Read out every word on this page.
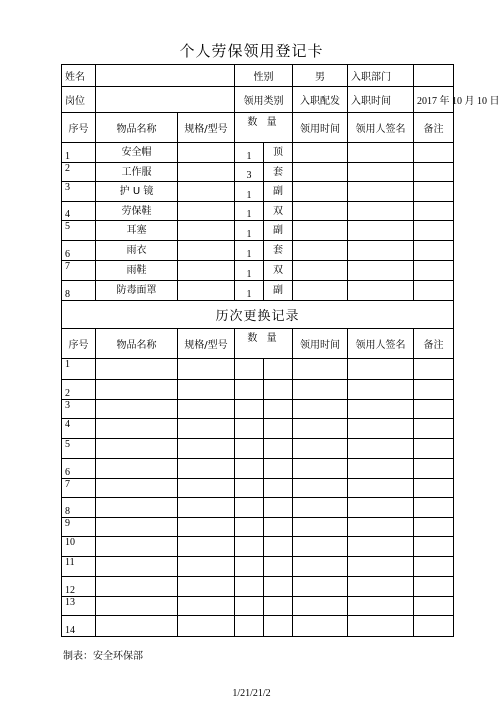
个人劳保领用登记卡
姓名			性别		男	入职部门	
岗位			领用类别		入职配发	入职时间	2017 年 10 月 10 日
序号	物品名称	规格/型号	数 量		领用时间	领用人签名	备注
1	安全帽		1	顶			
2	工作服		3	套			
3	护 U 镜		1	副			
4	劳保鞋		1	双			
5	耳塞		1	副			
6	雨衣		1	套			
7	雨鞋		1	双			
8	防毒面罩		1	副			
历次更换记录							
序号	物品名称	规格/型号	数 量		领用时间	领用人签名	备注
1							
2							
3							
4							
5							
6							
7							
8							
9							
10							
11							
12							
13							
14							
制表：安全环保部
1/21/21/2
